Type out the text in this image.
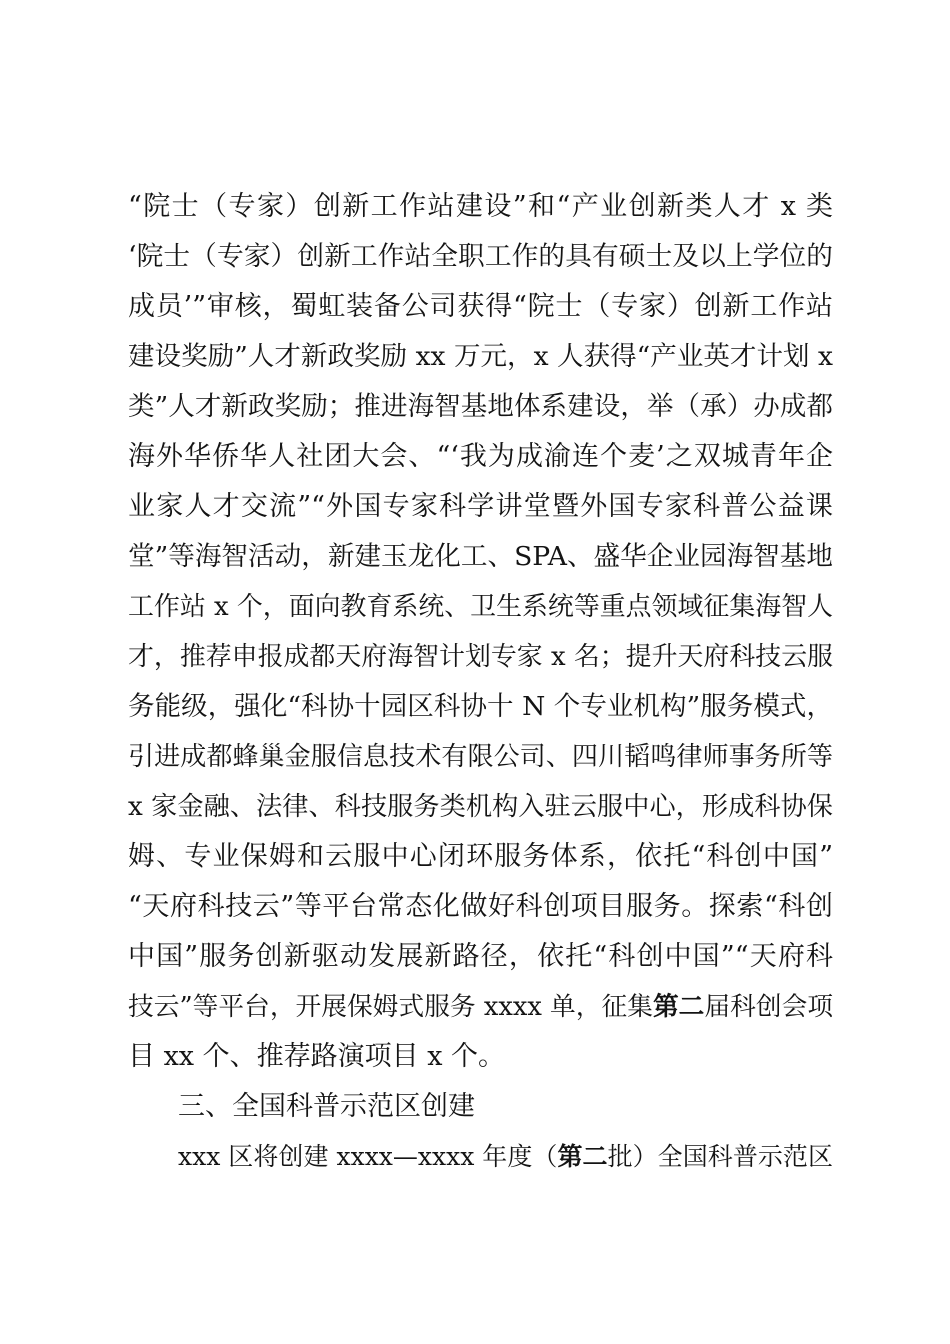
“院士（专家）创新工作站建设”和“产业创新类人才 x 类
‘院士（专家）创新工作站全职工作的具有硕士及以上学位的
成员’”审核，蜀虹装备公司获得“院士（专家）创新工作站
建设奖励”人才新政奖励 xx 万元，x 人获得“产业英才计划 x
类”人才新政奖励；推进海智基地体系建设，举（承）办成都
海外华侨华人社团大会、“‘我为成渝连个麦’之双城青年企
业家人才交流”“外国专家科学讲堂暨外国专家科普公益课
堂”等海智活动，新建玉龙化工、SPA、盛华企业园海智基地
工作站 x 个，面向教育系统、卫生系统等重点领域征集海智人
才，推荐申报成都天府海智计划专家 x 名；提升天府科技云服
务能级，强化“科协十园区科协十 N 个专业机构”服务模式，
引进成都蜂巢金服信息技术有限公司、四川韬鸣律师事务所等
x 家金融、法律、科技服务类机构入驻云服中心，形成科协保
姆、专业保姆和云服中心闭环服务体系，依托“科创中国”
“天府科技云”等平台常态化做好科创项目服务。探索“科创
中国”服务创新驱动发展新路径，依托“科创中国”“天府科
技云”等平台，开展保姆式服务 xxxx 单，征集第二届科创会项
目 xx 个、推荐路演项目 x 个。
三、全国科普示范区创建
xxx 区将创建 xxxx—xxxx 年度（第二批）全国科普示范区
